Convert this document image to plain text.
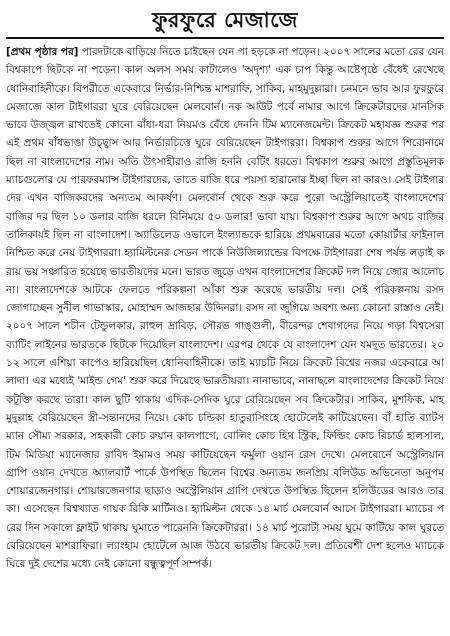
ফুরফুরে মেজাজে

[প্রথম পৃষ্ঠার পর] পারদটাকে বাড়িয়ে নিতে চাইছেন যেন পা হড়কে না পড়েন। ২০০৭ সালের মতো রের যেন বিশ্বকাপে ছিটকে না পড়েন। কাল অলস সময় কাটালেও 'অদৃশ্য' এক চাপ কিন্তু আষ্টেপৃষ্ঠে বেঁধেই রেখেছে ধোনিবাহিনীকে। বিপরীতে একেবারে নির্ভার-নিশ্চিন্ত মাশরাফি, সাকিব, মাহমুদুল্লারা। চনমনে ভাব আর ফুরফুরে মেজাজে কাল টাইগাররা ঘুরে বেরিয়েছেন মেলবোর্ন। নক আউট পর্বে নামার আগে ক্রিকেটারদের মানসিকভাবে উজ্জ্বল রাখতেই কোনো বাঁধা-ধরা নিয়মও বেঁধে দেননি টিম ম্যানেজমেন্ট। ক্রিকেট মহাযজ্ঞ শুরুর পর এই প্রথম বাঁধভাঙা উচ্ছ্বাস আর নির্ভারচিত্তে ঘুরে বেরিয়েছেন টাইগাররা। বিশ্বকাপ শুরুর আগে শিরোনামে ছিল না বাংলাদেশের নাম। অতি উৎসাহীরাও রাজি হননি বেটিং ধরতে। বিশ্বকাপ শুরুর আগে প্রস্তুতিমূলক ম্যাচগুলোর যে পারফরম্যান্স টাইগারদের, তাতে বাজি ধরে পয়সা হারানোর ইচ্ছা ছিল না কারও। সেই টাইগারদের এখন বাজিকরদের অন্যতম আকর্ষণ। মেলবোর্ন থেকে শুরু করে পুরো অস্ট্রেলিয়াতেই বাংলাদেশের বাজির দর ছিল ১০ ডলার বাজি ধরলে বিনিময়ে ৫০ ডলার! ভাবা যায়। বিশ্বকাপ শুরুর আগে অথচ বাজির তালিকায়ই ছিল না বাংলাদেশ। অ্যাডিলেড ওভালে ইংল্যান্ডকে হারিয়ে প্রথমবারের মতো কোয়ার্টার ফাইনাল নিশ্চিত করে নেয় টাইগাররা। হ্যামিল্টনের সেডন পার্কে নিউজিল্যান্ডের বিপক্ষে টাইগাররা শেষ পর্যন্ত লড়াই করায় ভয় সঞ্চারিত হয়েছে ভারতীয়দের মনে। ভারত জুড়ে এখন বাংলাদেশের ক্রিকেট দল নিয়ে জোর আলোচনা। বাংলাদেশকে আটকে ফেলতে পরিকল্পনা আঁকা শুরু করেছে ভারতীয় দল। সেই পরিকল্পনায় রসদ জোগাচ্ছেন সুনীল গাভাস্কার, মোহাম্মদ আজহার উদ্দিনরা। রসদ না জুগিয়ে অবশ্য অন্য কোনো রাস্তাও নেই। ২০০৭ সালে শচীন টেন্ডুলকার, রাহুল দ্রাবিড়, সৌরভ গাঙ্গুলী, বীরেন্দর শেবাগদের নিয়ে গড়া বিশ্বসেরা ব্যাটিং লাইনের ভারতকে ছিটকে দিয়েছিল বাংলাদেশ। এরপর থেকে যে বাংলাদেশ যেন যমদূত ভারতের। ২০১২ সালে এশিয়া কাপেও হারিয়েছিল ধোনিবাহিনীকে। তাই ম্যাচটি নিয়ে ক্রিকেট বিশ্বের নজর একেবারে আলাদা। এর মধ্যেই 'মাইন্ড গেম' শুরু করে দিয়েছে ভারতীয়রা। নানাভাবে, নানাছলে বাংলাদেশের ক্রিকেট নিয়ে কটূক্তি করছে তারা। কাল ছুটি থাকায় এদিক-সেদিক ঘুরে বেরিয়েছেন সব ক্রিকেটার। সাকিব, মুশফিক, মাহমুদুল্লাহ বেরিয়েছেন স্ত্রী-সন্তানদের নিয়ে। কোচ চন্ডিকা হাতুরাসিংহে হোটেলেই কাটিয়েছেন। বাঁ হাতি ব্যাটসম্যান সৌম্য সরকার, সহকারী কোচ রুয়ান কালপাগে, বোলিং কোচ হিথ স্ট্রিক, ফিল্ডিং কোচ রিচার্ড হালসাল, টিম মিডিয়া ম্যানেজার রাবিদ ইমামও সময় কাটিয়েছেন ফর্মুলা ওয়ান রেস দেখে। মেলবোর্নে অস্ট্রেলিয়ান গ্রাপি ওয়ান দেখতে অ্যালবার্ট পার্কে উপস্থিত ছিলেন বিশ্বের অন্যতম জনপ্রিয় বলিউড অভিনেতা অনুপম শোয়ারজেনগার। শোয়ারজেনগার ছাড়াও অস্ট্রেলিয়ান গ্রাপি দেখতে উপস্থিত ছিলেন হলিউডের আরও তারকা। এসেছেন বিশ্বখ্যাত গায়ক রিকি মার্টিনও। হ্যামিল্টন থেকে ১৪ মার্চ মেলবোর্ন আসে টাইগাররা। ম্যাচের পরের দিন সকালে ফ্লাইট থাকায় ঘুমাতে পারেননি ক্রিকেটাররা। ১৪ মার্চ পুরোটা সময় ঘুমে কাটিয়ে কাল ঘুরতে বেরিয়েছেন মাশরাফিরা। ল্যাংহাম হোটেলে আজ উঠবে ভারতীয় ক্রিকেট দল। প্রতিবেশী দেশ হলেও ম্যাচকে ঘিরে দুই দেশের মধ্যে নেই কোনো বন্ধুত্বপূর্ণ সম্পর্ক।
